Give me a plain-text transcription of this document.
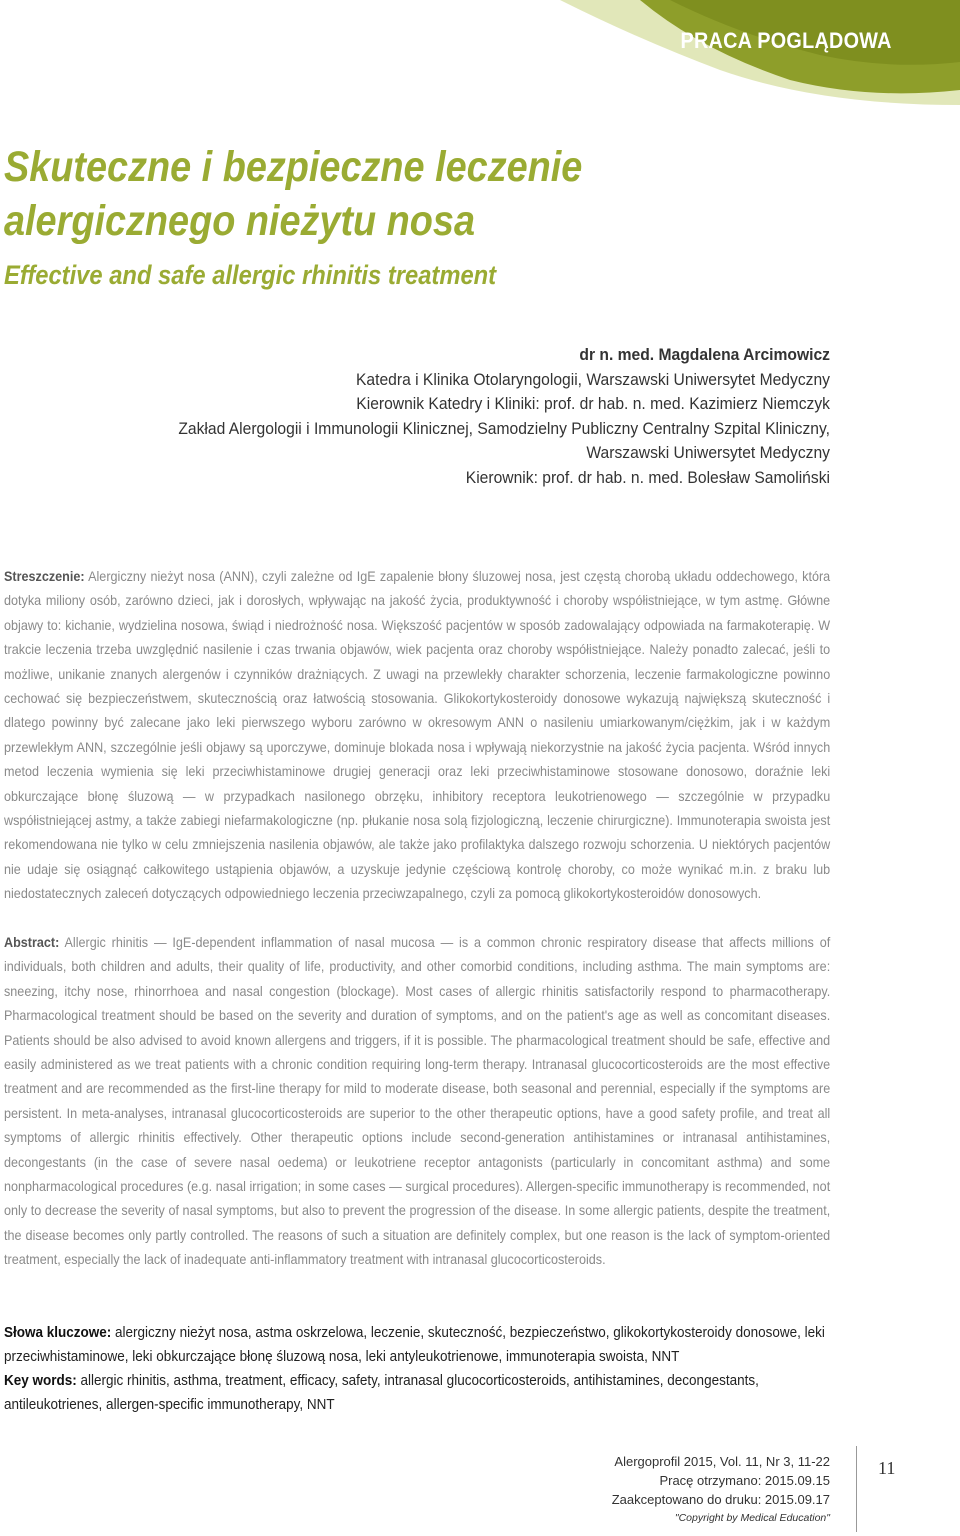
PRACA POGLĄDOWA
Skuteczne i bezpieczne leczenie
alergicznego nieżytu nosa
Effective and safe allergic rhinitis treatment
dr n. med. Magdalena Arcimowicz
Katedra i Klinika Otolaryngologii, Warszawski Uniwersytet Medyczny
Kierownik Katedry i Kliniki: prof. dr hab. n. med. Kazimierz Niemczyk
Zakład Alergologii i Immunologii Klinicznej, Samodzielny Publiczny Centralny Szpital Kliniczny,
Warszawski Uniwersytet Medyczny
Kierownik: prof. dr hab. n. med. Bolesław Samoliński
Streszczenie: Alergiczny nieżyt nosa (ANN), czyli zależne od IgE zapalenie błony śluzowej nosa, jest częstą chorobą układu oddechowego, która dotyka miliony osób, zarówno dzieci, jak i dorosłych, wpływając na jakość życia, produktywność i choroby współistniejące, w tym astmę. Główne objawy to: kichanie, wydzielina nosowa, świąd i niedrożność nosa. Większość pacjentów w sposób zadowalający odpowiada na farmakoterapię. W trakcie leczenia trzeba uwzględnić nasilenie i czas trwania objawów, wiek pacjenta oraz choroby współistniejące. Należy ponadto zalecać, jeśli to możliwe, unikanie znanych alergenów i czynników drażniących. Z uwagi na przewlekły charakter schorzenia, leczenie farmakologiczne powinno cechować się bezpieczeństwem, skutecznością oraz łatwością stosowania. Glikokortykosteroidy donosowe wykazują największą skuteczność i dlatego powinny być zalecane jako leki pierwszego wyboru zarówno w okresowym ANN o nasileniu umiarkowanym/ciężkim, jak i w każdym przewlekłym ANN, szczególnie jeśli objawy są uporczywe, dominuje blokada nosa i wpływają niekorzystnie na jakość życia pacjenta. Wśród innych metod leczenia wymienia się leki przeciwhistaminowe drugiej generacji oraz leki przeciwhistaminowe stosowane donosowo, doraźnie leki obkurczające błonę śluzową — w przypadkach nasilonego obrzęku, inhibitory receptora leukotrienowego — szczególnie w przypadku współistniejącej astmy, a także zabiegi niefarmakologiczne (np. płukanie nosa solą fizjologiczną, leczenie chirurgiczne). Immunoterapia swoista jest rekomendowana nie tylko w celu zmniejszenia nasilenia objawów, ale także jako profilaktyka dalszego rozwoju schorzenia. U niektórych pacjentów nie udaje się osiągnąć całkowitego ustąpienia objawów, a uzyskuje jedynie częściową kontrolę choroby, co może wynikać m.in. z braku lub niedostatecznych zaleceń dotyczących odpowiedniego leczenia przeciwzapalnego, czyli za pomocą glikokortykosteroidów donosowych.
Abstract: Allergic rhinitis — IgE-dependent inflammation of nasal mucosa — is a common chronic respiratory disease that affects millions of individuals, both children and adults, their quality of life, productivity, and other comorbid conditions, including asthma. The main symptoms are: sneezing, itchy nose, rhinorrhoea and nasal congestion (blockage). Most cases of allergic rhinitis satisfactorily respond to pharmacotherapy. Pharmacological treatment should be based on the severity and duration of symptoms, and on the patient's age as well as concomitant diseases. Patients should be also advised to avoid known allergens and triggers, if it is possible. The pharmacological treatment should be safe, effective and easily administered as we treat patients with a chronic condition requiring long-term therapy. Intranasal glucocorticosteroids are the most effective treatment and are recommended as the first-line therapy for mild to moderate disease, both seasonal and perennial, especially if the symptoms are persistent. In meta-analyses, intranasal glucocorticosteroids are superior to the other therapeutic options, have a good safety profile, and treat all symptoms of allergic rhinitis effectively. Other therapeutic options include second-generation antihistamines or intranasal antihistamines, decongestants (in the case of severe nasal oedema) or leukotriene receptor antagonists (particularly in concomitant asthma) and some nonpharmacological procedures (e.g. nasal irrigation; in some cases — surgical procedures). Allergen-specific immunotherapy is recommended, not only to decrease the severity of nasal symptoms, but also to prevent the progression of the disease. In some allergic patients, despite the treatment, the disease becomes only partly controlled. The reasons of such a situation are definitely complex, but one reason is the lack of symptom-oriented treatment, especially the lack of inadequate anti-inflammatory treatment with intranasal glucocorticosteroids.
Słowa kluczowe: alergiczny nieżyt nosa, astma oskrzelowa, leczenie, skuteczność, bezpieczeństwo, glikokortykosteroidy donosowe, leki przeciwhistaminowe, leki obkurczające błonę śluzową nosa, leki antyleukotrienowe, immunoterapia swoista, NNT
Key words: allergic rhinitis, asthma, treatment, efficacy, safety, intranasal glucocorticosteroids, antihistamines, decongestants, antileukotrienes, allergen-specific immunotherapy, NNT
Alergoprofil 2015, Vol. 11, Nr 3, 11-22
Pracę otrzymano: 2015.09.15
Zaakceptowano do druku: 2015.09.17
"Copyright by Medical Education"
11
